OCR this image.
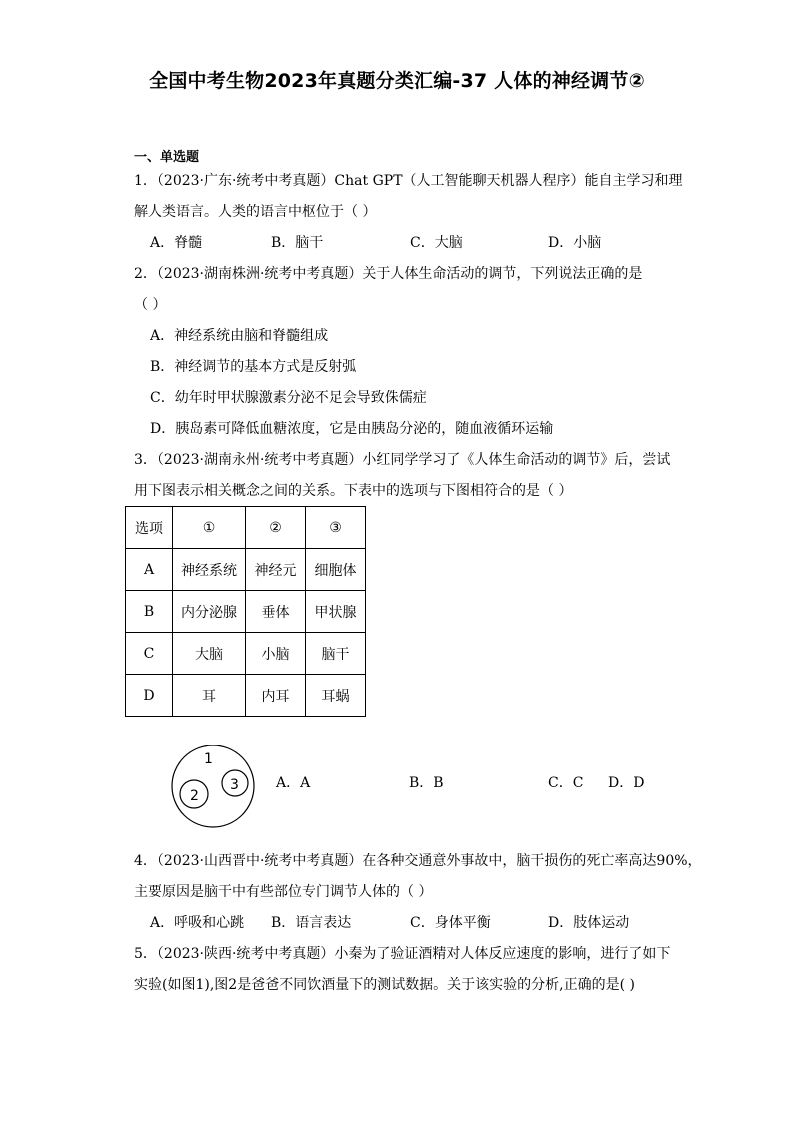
全国中考生物2023年真题分类汇编-37 人体的神经调节②
一、单选题
1．（2023·广东·统考中考真题）Chat GPT（人工智能聊天机器人程序）能自主学习和理
解人类语言。人类的语言中枢位于（ ）
A．脊髓	B．脑干	C．大脑	D．小脑
2．（2023·湖南株洲·统考中考真题）关于人体生命活动的调节，下列说法正确的是
（ ）
A．神经系统由脑和脊髓组成
B．神经调节的基本方式是反射弧
C．幼年时甲状腺激素分泌不足会导致侏儒症
D．胰岛素可降低血糖浓度，它是由胰岛分泌的，随血液循环运输
3．（2023·湖南永州·统考中考真题）小红同学学习了《人体生命活动的调节》后，尝试
用下图表示相关概念之间的关系。下表中的选项与下图相符合的是（ ）
选项	①	②	③
A	神经系统	神经元	细胞体
B	内分泌腺	垂体	甲状腺
C	大脑	小脑	脑干
D	耳	内耳	耳蜗
1
2
3	A．A	B．B	C．C D．D
4．（2023·山西晋中·统考中考真题）在各种交通意外事故中，脑干损伤的死亡率高达90%，
主要原因是脑干中有些部位专门调节人体的（ ）
A．呼吸和心跳 B．语言表达	C．身体平衡	D．肢体运动
5．（2023·陕西·统考中考真题）小秦为了验证酒精对人体反应速度的影响，进行了如下
实验(如图1),图2是爸爸不同饮酒量下的测试数据。关于该实验的分析,正确的是( )
